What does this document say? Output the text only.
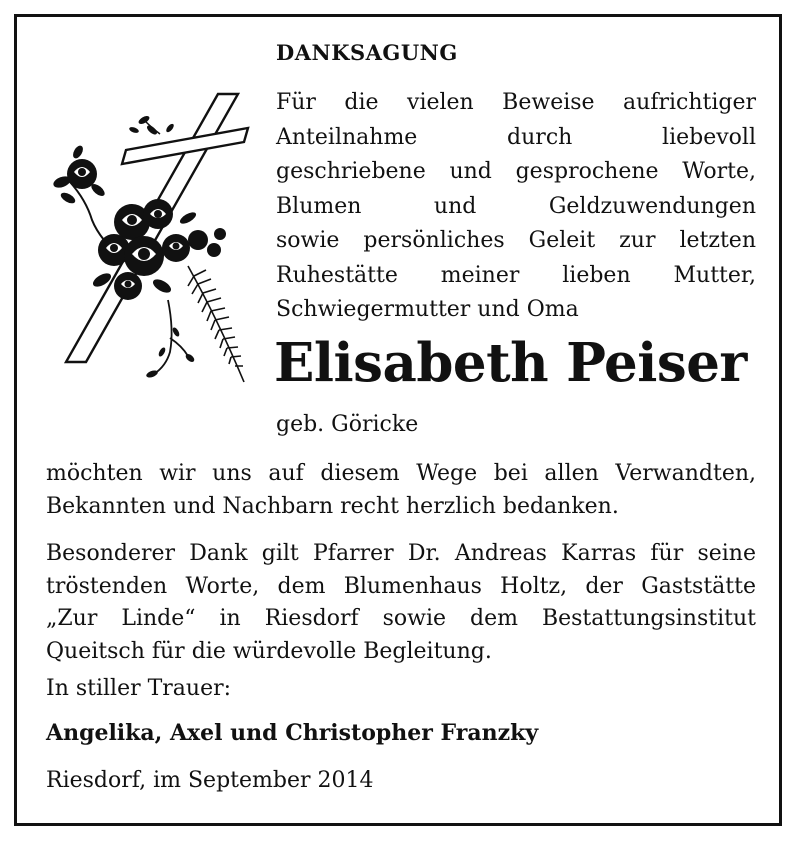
DANKSAGUNG

Für die vielen Beweise aufrichtiger
Anteilnahme durch liebevoll
geschriebene und gesprochene Worte,
Blumen und Geldzuwendungen
sowie persönliches Geleit zur letzten
Ruhestätte meiner lieben Mutter,
Schwiegermutter und Oma

Elisabeth Peiser

geb. Göricke

möchten wir uns auf diesem Wege bei allen Verwandten,
Bekannten und Nachbarn recht herzlich bedanken.

Besonderer Dank gilt Pfarrer Dr. Andreas Karras für seine
tröstenden Worte, dem Blumenhaus Holtz, der Gaststätte
„Zur Linde“ in Riesdorf sowie dem Bestattungsinstitut
Queitsch für die würdevolle Begleitung.

In stiller Trauer:

Angelika, Axel und Christopher Franzky

Riesdorf, im September 2014
